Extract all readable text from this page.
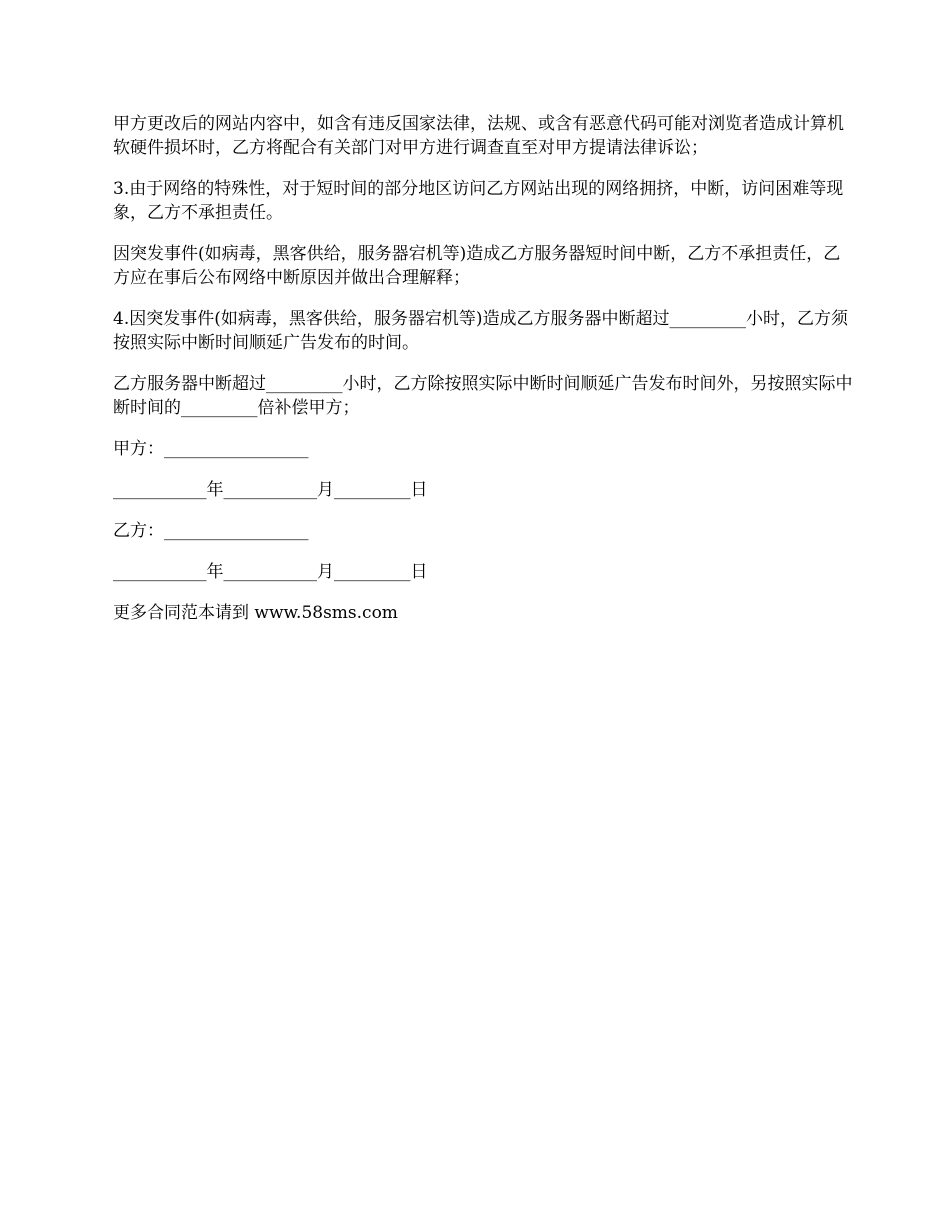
甲方更改后的网站内容中，如含有违反国家法律，法规、或含有恶意代码可能对浏览者造成计算机软硬件损坏时，乙方将配合有关部门对甲方进行调查直至对甲方提请法律诉讼；

3.由于网络的特殊性，对于短时间的部分地区访问乙方网站出现的网络拥挤，中断，访问困难等现象，乙方不承担责任。

因突发事件(如病毒，黑客供给，服务器宕机等)造成乙方服务器短时间中断，乙方不承担责任，乙方应在事后公布网络中断原因并做出合理解释；

4.因突发事件(如病毒，黑客供给，服务器宕机等)造成乙方服务器中断超过_________小时，乙方须按照实际中断时间顺延广告发布的时间。

乙方服务器中断超过_________小时，乙方除按照实际中断时间顺延广告发布时间外，另按照实际中断时间的_________倍补偿甲方；

甲方：_________________

___________年___________月_________日

乙方：_________________

___________年___________月_________日

更多合同范本请到 www.58sms.com
